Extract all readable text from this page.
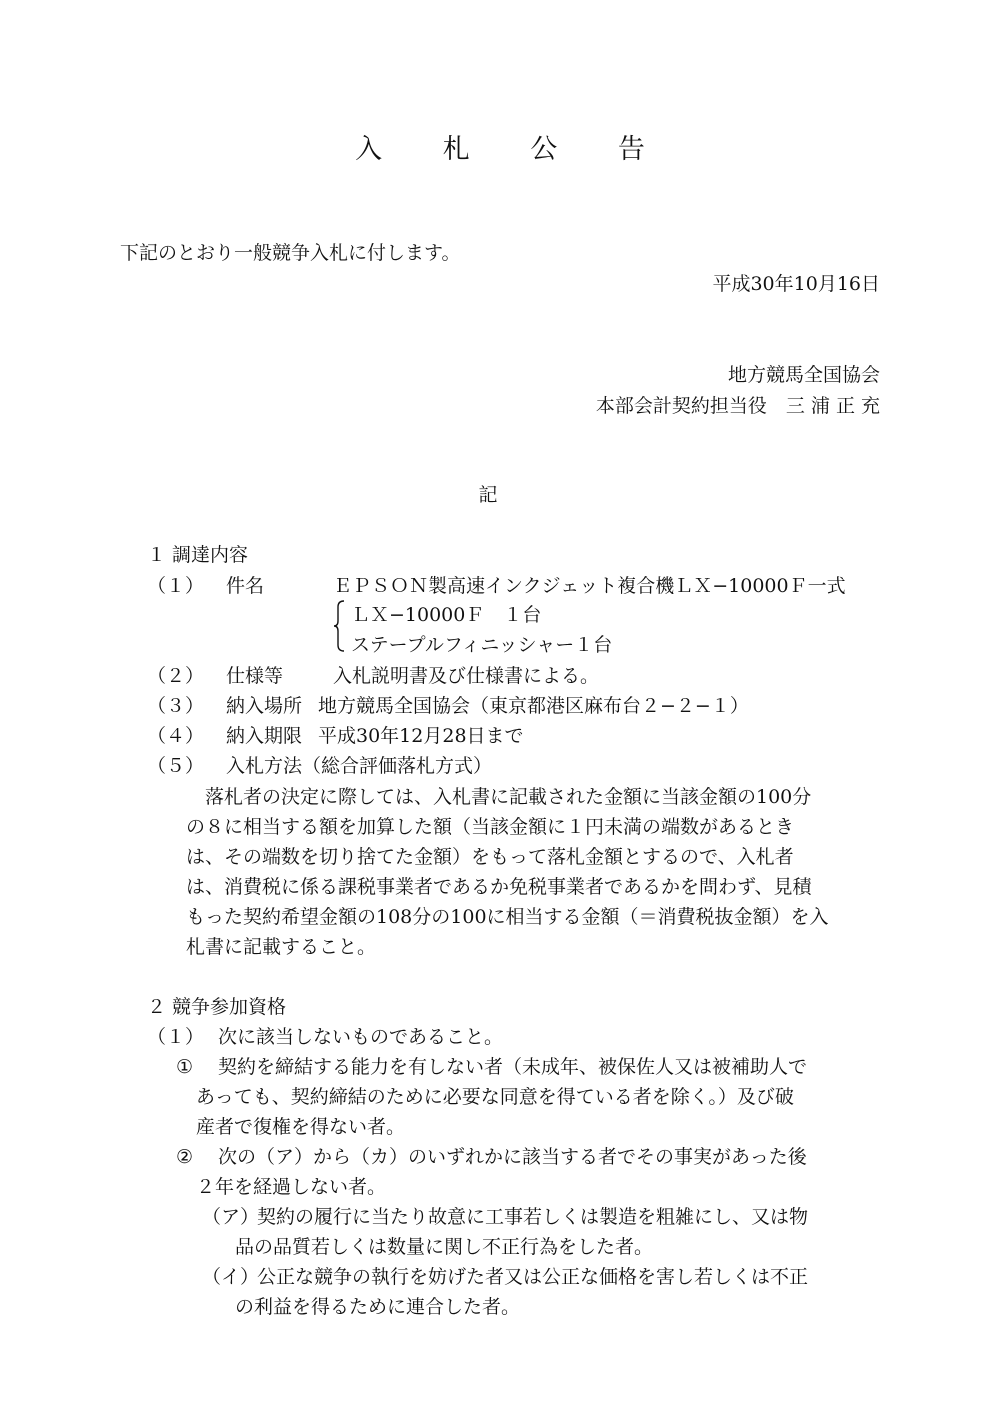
入 札 公 告
下記のとおり一般競争入札に付します。
平成30年10月16日
地方競馬全国協会
本部会計契約担当役　三 浦 正 充
記
１ 調達内容
（１） 件名	ＥＰＳＯＮ製高速インクジェット複合機ＬＸ−10000Ｆ一式
ＬＸ−10000Ｆ　１台
ステープルフィニッシャー１台
（２） 仕様等	入札説明書及び仕様書による。
（３） 納入場所 地方競馬全国協会（東京都港区麻布台２−２−１）
（４） 納入期限 平成30年12月28日まで
（５） 入札方法（総合評価落札方式）
落札者の決定に際しては、入札書に記載された金額に当該金額の100分
の８に相当する額を加算した額（当該金額に１円未満の端数があるとき
は、その端数を切り捨てた金額）をもって落札金額とするので、入札者
は、消費税に係る課税事業者であるか免税事業者であるかを問わず、見積
もった契約希望金額の108分の100に相当する金額（＝消費税抜金額）を入
札書に記載すること。
２ 競争参加資格
（１） 次に該当しないものであること。
① 契約を締結する能力を有しない者（未成年、被保佐人又は被補助人で
あっても、契約締結のために必要な同意を得ている者を除く。）及び破
産者で復権を得ない者。
② 次の（ア）から（カ）のいずれかに該当する者でその事実があった後
２年を経過しない者。
（ア）
契約の履行に当たり故意に工事若しくは製造を粗雑にし、又は物
品の品質若しくは数量に関し不正行為をした者。
（イ）
公正な競争の執行を妨げた者又は公正な価格を害し若しくは不正
の利益を得るために連合した者。
